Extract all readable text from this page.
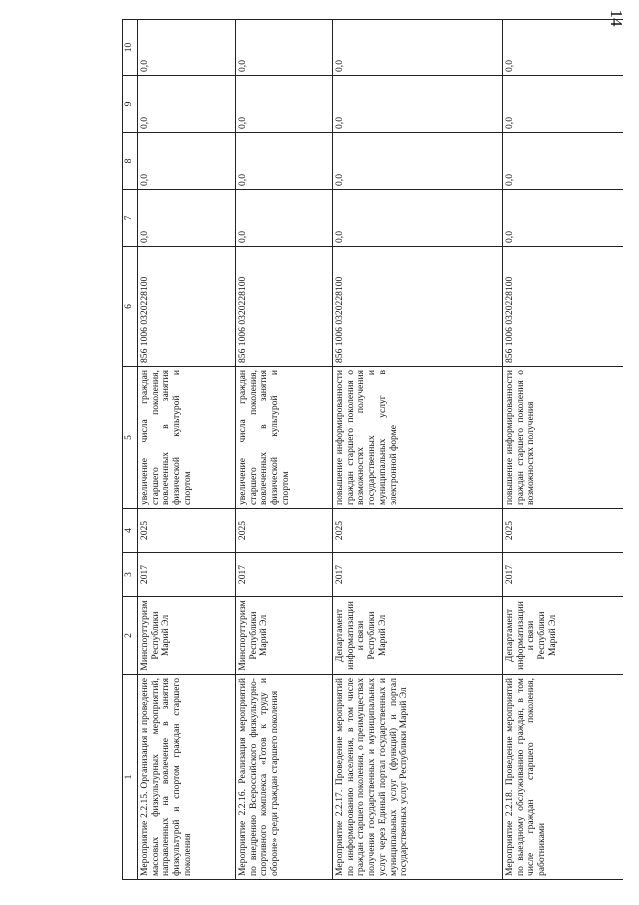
14
1	2	3	4	5	6	7	8	9	10
Мероприятие 2.2.15. Организация и проведение массовых физкультурных мероприятий, направленных на вовлечение в занятия физкультурой и спортом граждан старшего поколения	Минспорттуризм Республики Марий Эл	2017	2025	увеличение числа граждан старшего поколения, вовлеченных в занятия физической культурой и спортом	856 1006 0320228100	0,0	0,0	0,0	0,0
Мероприятие 2.2.16. Реализация мероприятий по внедрению Всероссийского физкультурно-спортивного комплекса «Готов к труду и обороне» среди граждан старшего поколения	Минспорттуризм Республики Марий Эл	2017	2025	увеличение числа граждан старшего поколения, вовлеченных в занятия физической культурой и спортом	856 1006 0320228100	0,0	0,0	0,0	0,0
Мероприятие 2.2.17. Проведение мероприятий по информированию населения, в том числе граждан старшего поколения, о преимуществах получения государственных и муниципальных услуг через Единый портал государственных и муниципальных услуг (функций) и портал государственных услуг Республики Марий Эл	Департамент информатизации и связи Республики Марий Эл	2017	2025	повышение информированности граждан старшего поколения о возможностях получения государственных и муниципальных услуг в электронной форме	856 1006 0320228100	0,0	0,0	0,0	0,0
Мероприятие 2.2.18. Проведение мероприятий по выездному обслуживанию граждан, в том числе граждан старшего поколения, работниками	Департамент информатизации и связи Республики Марий Эл	2017	2025	повышение информированности граждан старшего поколения о возможностях получения	856 1006 0320228100	0,0	0,0	0,0	0,0
